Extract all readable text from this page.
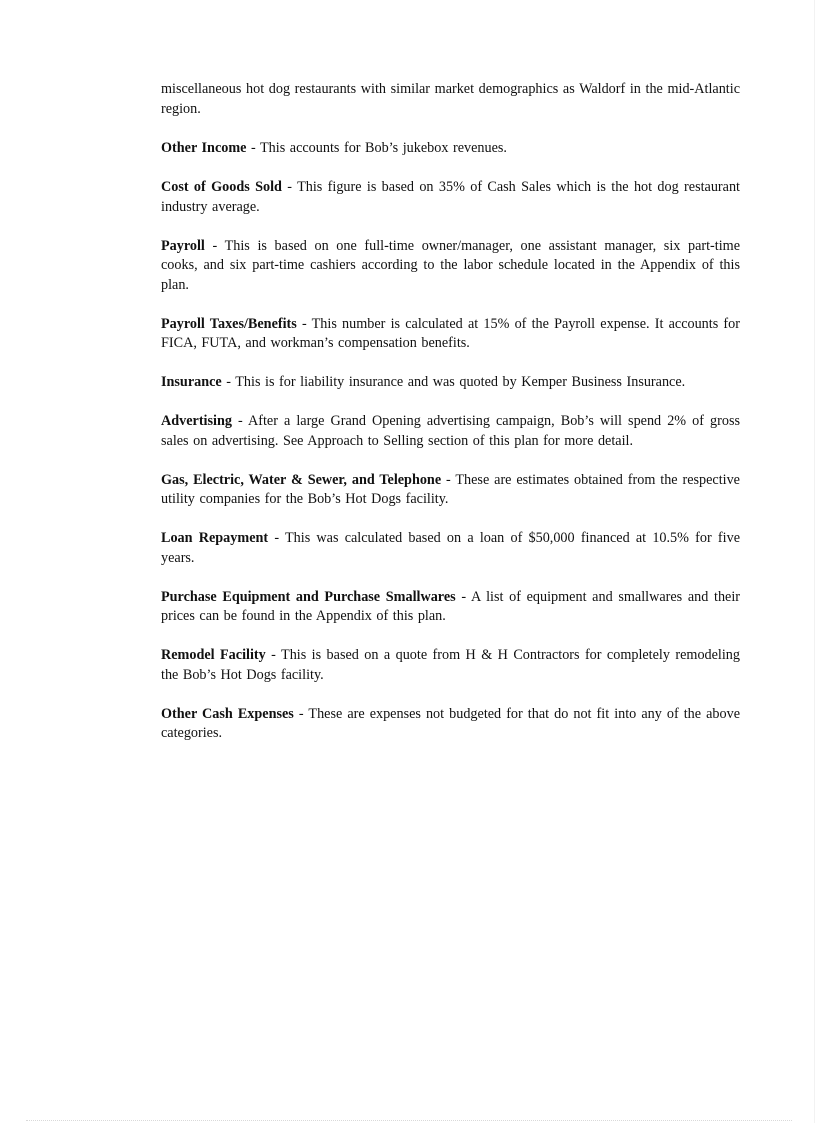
miscellaneous hot dog restaurants with similar market demographics as Waldorf in the mid-Atlantic region.

Other Income - This accounts for Bob’s jukebox revenues.

Cost of Goods Sold - This figure is based on 35% of Cash Sales which is the hot dog restaurant industry average.

Payroll - This is based on one full-time owner/manager, one assistant manager, six part-time cooks, and six part-time cashiers according to the labor schedule located in the Appendix of this plan.

Payroll Taxes/Benefits - This number is calculated at 15% of the Payroll expense. It accounts for FICA, FUTA, and workman’s compensation benefits.

Insurance - This is for liability insurance and was quoted by Kemper Business Insurance.

Advertising - After a large Grand Opening advertising campaign, Bob’s will spend 2% of gross sales on advertising. See Approach to Selling section of this plan for more detail.

Gas, Electric, Water & Sewer, and Telephone - These are estimates obtained from the respective utility companies for the Bob’s Hot Dogs facility.

Loan Repayment - This was calculated based on a loan of $50,000 financed at 10.5% for five years.

Purchase Equipment and Purchase Smallwares - A list of equipment and smallwares and their prices can be found in the Appendix of this plan.

Remodel Facility - This is based on a quote from H & H Contractors for completely remodeling the Bob’s Hot Dogs facility.

Other Cash Expenses - These are expenses not budgeted for that do not fit into any of the above categories.
